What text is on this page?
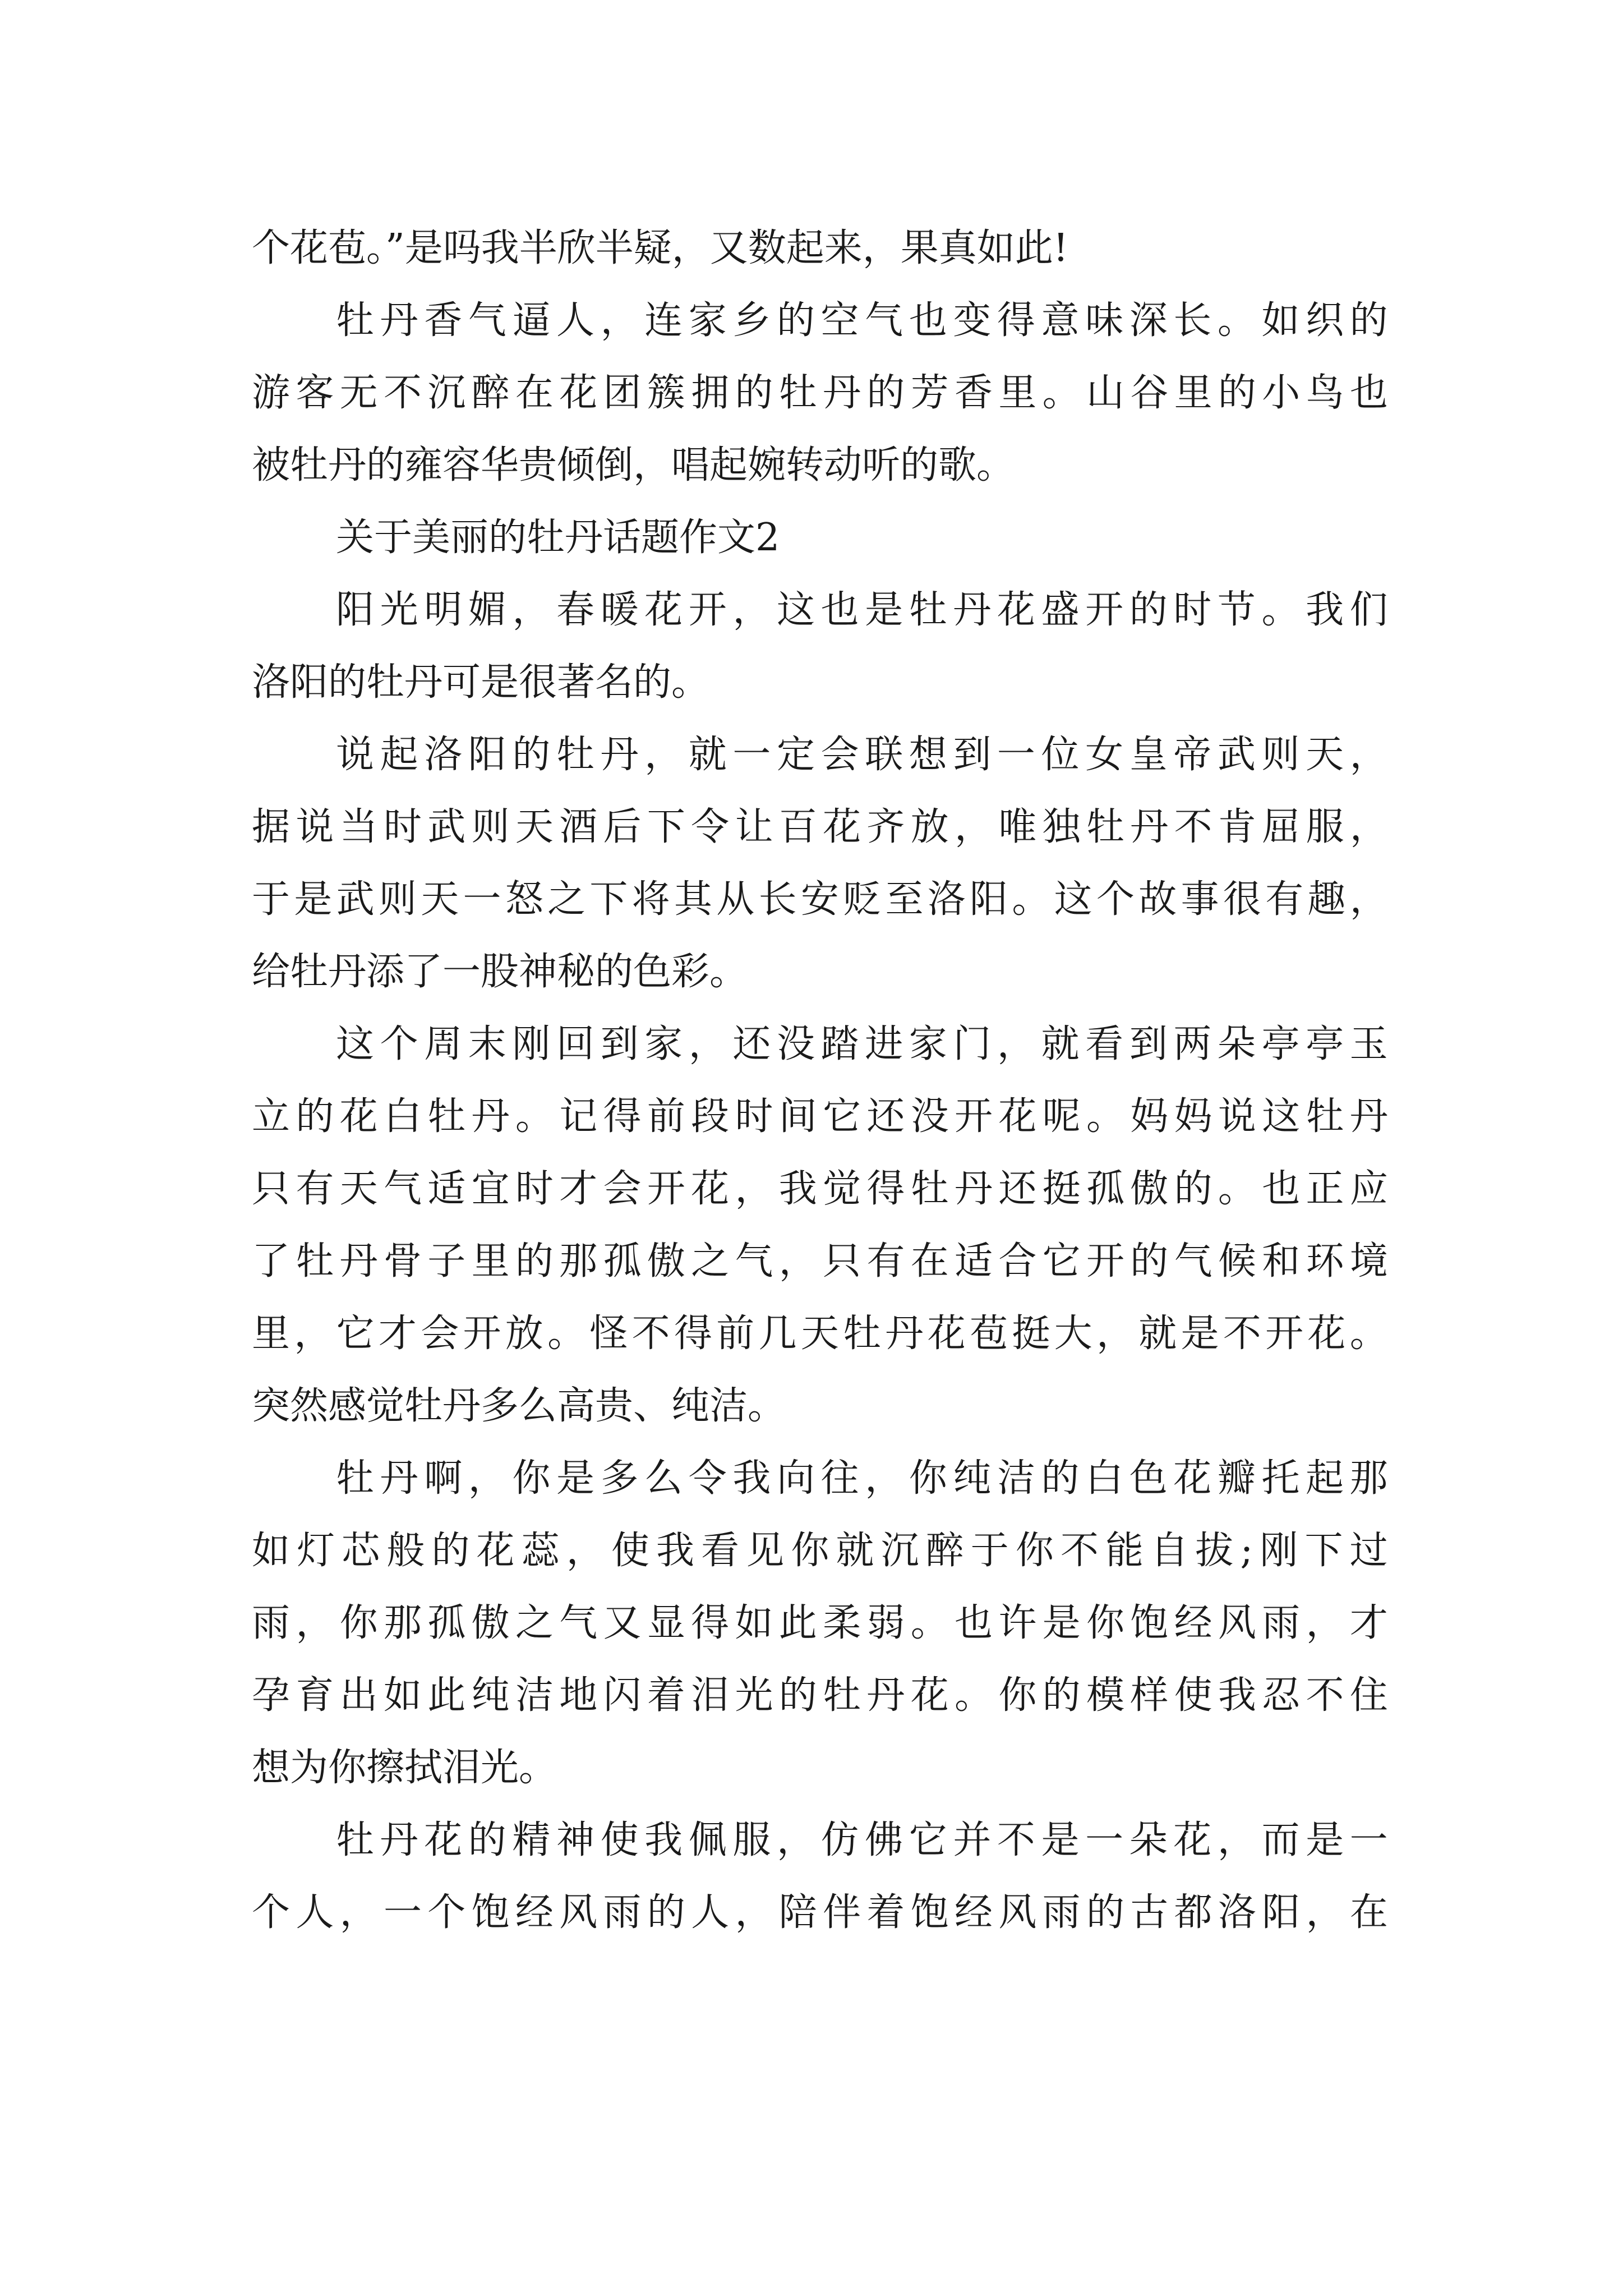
个花苞。”是吗我半欣半疑，又数起来，果真如此!
牡 丹 香 气 逼 人 ， 连 家 乡 的 空 气 也 变 得 意 味 深 长 。 如 织 的
游 客 无 不 沉 醉 在 花 团 簇 拥 的 牡 丹 的 芳 香 里 。 山 谷 里 的 小 鸟 也
被牡丹的雍容华贵倾倒，唱起婉转动听的歌。
关于美丽的牡丹话题作文2
阳 光 明 媚 ， 春 暖 花 开 ， 这 也 是 牡 丹 花 盛 开 的 时 节 。 我 们
洛阳的牡丹可是很著名的。
说 起 洛 阳 的 牡 丹 ， 就 一 定 会 联 想 到 一 位 女 皇 帝 武 则 天 ，
据 说 当 时 武 则 天 酒 后 下 令 让 百 花 齐 放 ， 唯 独 牡 丹 不 肯 屈 服 ，
于 是 武 则 天 一 怒 之 下 将 其 从 长 安 贬 至 洛 阳 。 这 个 故 事 很 有 趣 ，
给牡丹添了一股神秘的色彩。
这 个 周 末 刚 回 到 家 ， 还 没 踏 进 家 门 ， 就 看 到 两 朵 亭 亭 玉
立 的 花 白 牡 丹 。 记 得 前 段 时 间 它 还 没 开 花 呢 。 妈 妈 说 这 牡 丹
只 有 天 气 适 宜 时 才 会 开 花 ， 我 觉 得 牡 丹 还 挺 孤 傲 的 。 也 正 应
了 牡 丹 骨 子 里 的 那 孤 傲 之 气 ， 只 有 在 适 合 它 开 的 气 候 和 环 境
里 ， 它 才 会 开 放 。 怪 不 得 前 几 天 牡 丹 花 苞 挺 大 ， 就 是 不 开 花 。
突然感觉牡丹多么高贵、纯洁。
牡 丹 啊 ， 你 是 多 么 令 我 向 往 ， 你 纯 洁 的 白 色 花 瓣 托 起 那
如 灯 芯 般 的 花 蕊 ， 使 我 看 见 你 就 沉 醉 于 你 不 能 自 拔 ; 刚 下 过
雨 ， 你 那 孤 傲 之 气 又 显 得 如 此 柔 弱 。 也 许 是 你 饱 经 风 雨 ， 才
孕 育 出 如 此 纯 洁 地 闪 着 泪 光 的 牡 丹 花 。 你 的 模 样 使 我 忍 不 住
想为你擦拭泪光。
牡 丹 花 的 精 神 使 我 佩 服 ， 仿 佛 它 并 不 是 一 朵 花 ， 而 是 一
个 人 ， 一 个 饱 经 风 雨 的 人 ， 陪 伴 着 饱 经 风 雨 的 古 都 洛 阳 ， 在
